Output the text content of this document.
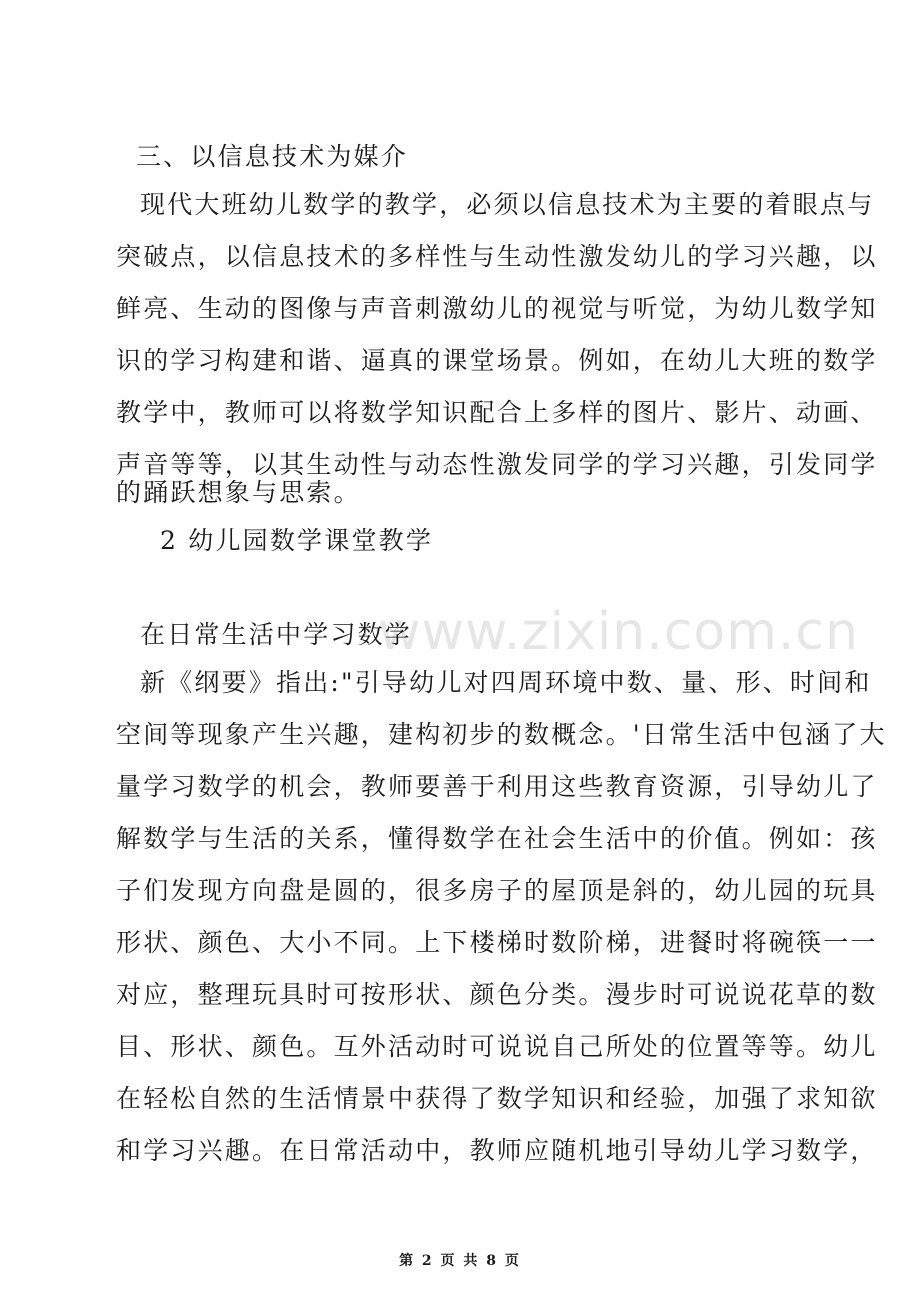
www.zixin.com.cn
三、以信息技术为媒介
现代大班幼儿数学的教学，必须以信息技术为主要的着眼点与
突破点，以信息技术的多样性与生动性激发幼儿的学习兴趣，以
鲜亮、生动的图像与声音刺激幼儿的视觉与听觉，为幼儿数学知
识的学习构建和谐、逼真的课堂场景。例如，在幼儿大班的数学
教学中，教师可以将数学知识配合上多样的图片、影片、动画、
声音等等，以其生动性与动态性激发同学的学习兴趣，引发同学
的踊跃想象与思索。
2 幼儿园数学课堂教学
在日常生活中学习数学
新《纲要》指出:"引导幼儿对四周环境中数、量、形、时间和
空间等现象产生兴趣，建构初步的数概念。'日常生活中包涵了大
量学习数学的机会，教师要善于利用这些教育资源，引导幼儿了
解数学与生活的关系，懂得数学在社会生活中的价值。例如：孩
子们发现方向盘是圆的，很多房子的屋顶是斜的，幼儿园的玩具
形状、颜色、大小不同。上下楼梯时数阶梯，进餐时将碗筷一一
对应，整理玩具时可按形状、颜色分类。漫步时可说说花草的数
目、形状、颜色。互外活动时可说说自己所处的位置等等。幼儿
在轻松自然的生活情景中获得了数学知识和经验，加强了求知欲
和学习兴趣。在日常活动中，教师应随机地引导幼儿学习数学，
第 2 页 共 8 页
